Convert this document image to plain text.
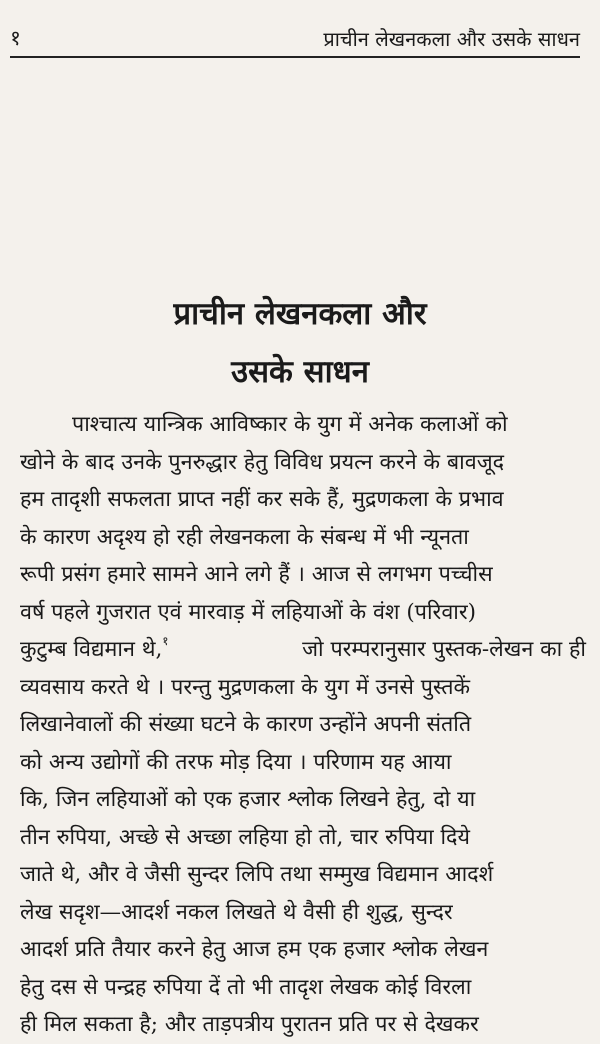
१	प्राचीन लेखनकला और उसके साधन
प्राचीन लेखनकला और
उसके साधन
पाश्चात्य यान्त्रिक आविष्कार के युग में अनेक कलाओं को
खोने के बाद उनके पुनरुद्धार हेतु विविध प्रयत्न करने के बावजूद
हम तादृशी सफलता प्राप्त नहीं कर सके हैं, मुद्रणकला के प्रभाव
के कारण अदृश्य हो रही लेखनकला के संबन्ध में भी न्यूनता
रूपी प्रसंग हमारे सामने आने लगे हैं । आज से लगभग पच्चीस
वर्ष पहले गुजरात एवं मारवाड़ में लहियाओं के वंश (परिवार)
कुटुम्ब विद्यमान थे,$^१$	जो परम्परानुसार पुस्तक-लेखन का ही
व्यवसाय करते थे । परन्तु मुद्रणकला के युग में उनसे पुस्तकें
लिखानेवालों की संख्या घटने के कारण उन्होंने अपनी संतति
को अन्य उद्योगों की तरफ मोड़ दिया । परिणाम यह आया
कि, जिन लहियाओं को एक हजार श्लोक लिखने हेतु, दो या
तीन रुपिया, अच्छे से अच्छा लहिया हो तो, चार रुपिया दिये
जाते थे, और वे जैसी सुन्दर लिपि तथा सम्मुख विद्यमान आदर्श
लेख सदृश—आदर्श नकल लिखते थे वैसी ही शुद्ध, सुन्दर
आदर्श प्रति तैयार करने हेतु आज हम एक हजार श्लोक लेखन
हेतु दस से पन्द्रह रुपिया दें तो भी तादृश लेखक कोई विरला
ही मिल सकता है; और ताड़पत्रीय पुरातन प्रति पर से देखकर
